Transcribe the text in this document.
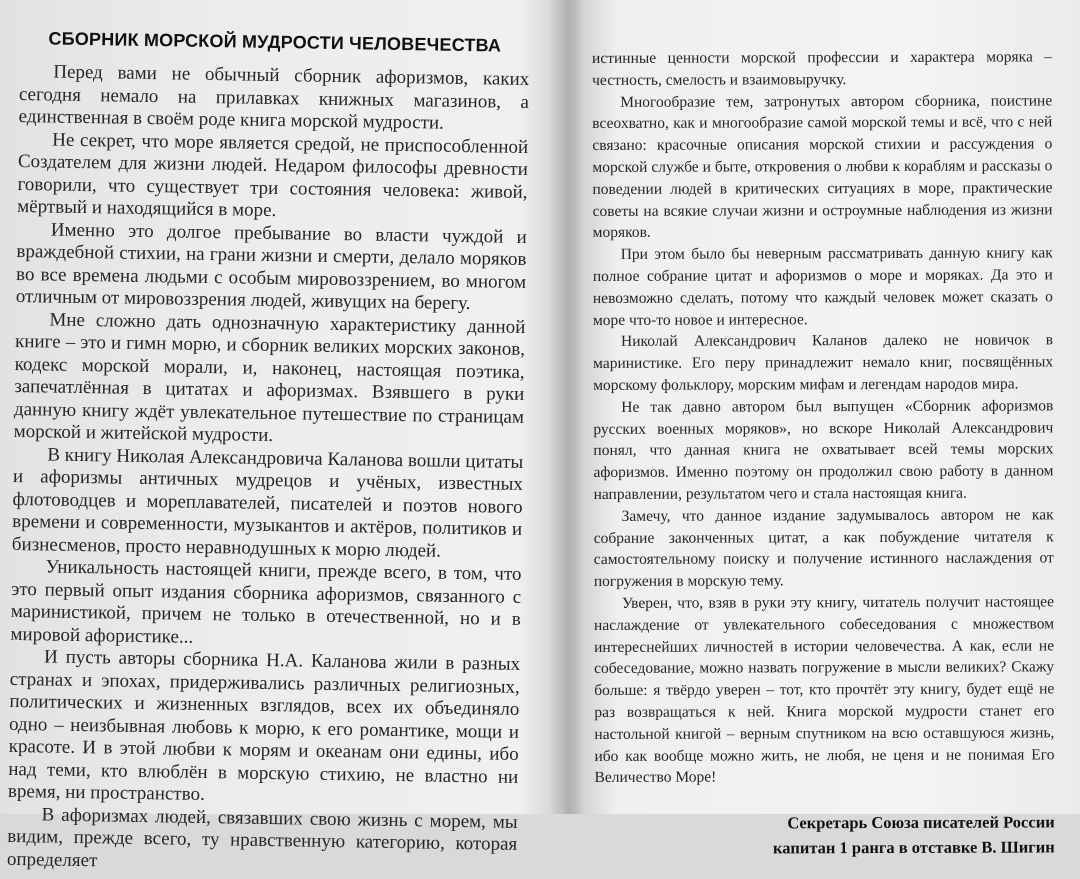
СБОРНИК МОРСКОЙ МУДРОСТИ ЧЕЛОВЕЧЕСТВА

Перед вами не обычный сборник афоризмов, каких сегодня немало на прилавках книжных магазинов, а единственная в своём роде книга морской мудрости.

Не секрет, что море является средой, не приспособленной Создателем для жизни людей. Недаром философы древности говорили, что существует три состояния человека: живой, мёртвый и находящийся в море.

Именно это долгое пребывание во власти чуждой и враждебной стихии, на грани жизни и смерти, делало моряков во все времена людьми с особым мировоззрением, во многом отличным от мировоззрения людей, живущих на берегу.

Мне сложно дать однозначную характеристику данной книге – это и гимн морю, и сборник великих морских законов, кодекс морской морали, и, наконец, настоящая поэтика, запечатлённая в цитатах и афоризмах. Взявшего в руки данную книгу ждёт увлекательное путешествие по страницам морской и житейской мудрости.

В книгу Николая Александровича Каланова вошли цитаты и афоризмы античных мудрецов и учёных, известных флотоводцев и мореплавателей, писателей и поэтов нового времени и современности, музыкантов и актёров, политиков и бизнесменов, просто неравнодушных к морю людей.

Уникальность настоящей книги, прежде всего, в том, что это первый опыт издания сборника афоризмов, связанного с маринистикой, причем не только в отечественной, но и в мировой афористике...

И пусть авторы сборника Н.А. Каланова жили в разных странах и эпохах, придерживались различных религиозных, политических и жизненных взглядов, всех их объединяло одно – неизбывная любовь к морю, к его романтике, мощи и красоте. И в этой любви к морям и океанам они едины, ибо над теми, кто влюблён в морскую стихию, не властно ни время, ни пространство.

В афоризмах людей, связавших свою жизнь с морем, мы видим, прежде всего, ту нравственную категорию, которая определяет

истинные ценности морской профессии и характера моряка – честность, смелость и взаимовыручку.

Многообразие тем, затронутых автором сборника, поистине всеохватно, как и многообразие самой морской темы и всё, что с ней связано: красочные описания морской стихии и рассуждения о морской службе и быте, откровения о любви к кораблям и рассказы о поведении людей в критических ситуациях в море, практические советы на всякие случаи жизни и остроумные наблюдения из жизни моряков.

При этом было бы неверным рассматривать данную книгу как полное собрание цитат и афоризмов о море и моряках. Да это и невозможно сделать, потому что каждый человек может сказать о море что-то новое и интересное.

Николай Александрович Каланов далеко не новичок в маринистике. Его перу принадлежит немало книг, посвящённых морскому фольклору, морским мифам и легендам народов мира.

Не так давно автором был выпущен «Сборник афоризмов русских военных моряков», но вскоре Николай Александрович понял, что данная книга не охватывает всей темы морских афоризмов. Именно поэтому он продолжил свою работу в данном направлении, результатом чего и стала настоящая книга.

Замечу, что данное издание задумывалось автором не как собрание законченных цитат, а как побуждение читателя к самостоятельному поиску и получение истинного наслаждения от погружения в морскую тему.

Уверен, что, взяв в руки эту книгу, читатель получит настоящее наслаждение от увлекательного собеседования с множеством интереснейших личностей в истории человечества. А как, если не собеседование, можно назвать погружение в мысли великих? Скажу больше: я твёрдо уверен – тот, кто прочтёт эту книгу, будет ещё не раз возвращаться к ней. Книга морской мудрости станет его настольной книгой – верным спутником на всю оставшуюся жизнь, ибо как вообще можно жить, не любя, не ценя и не понимая Его Величество Море!

Секретарь Союза писателей России
капитан 1 ранга в отставке В. Шигин
